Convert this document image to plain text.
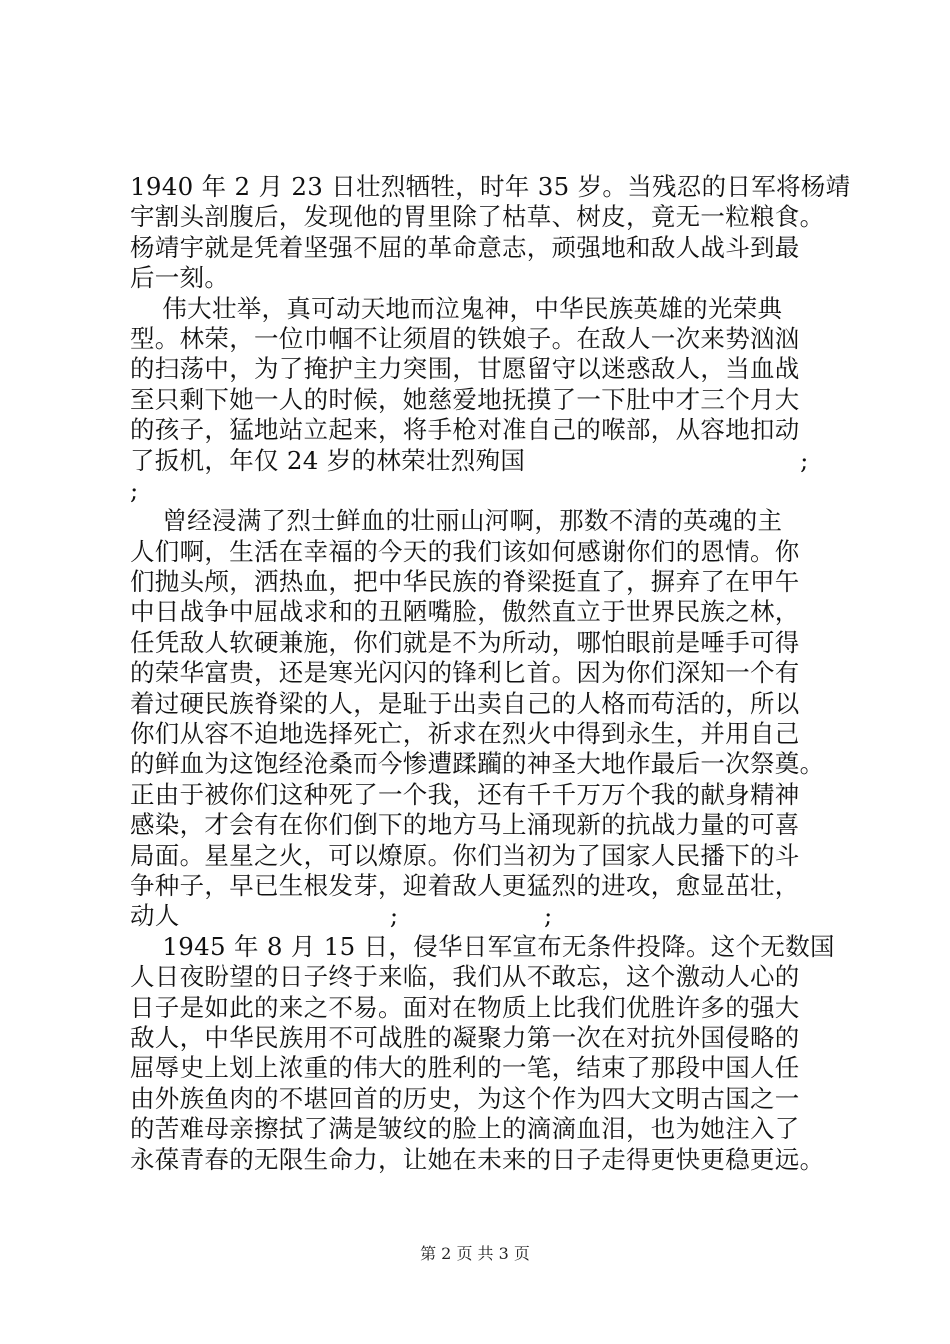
1940 年 2 月 23 日壮烈牺牲，时年 35 岁。当残忍的日军将杨靖
宇割头剖腹后，发现他的胃里除了枯草、树皮，竟无一粒粮食。
杨靖宇就是凭着坚强不屈的革命意志，顽强地和敌人战斗到最
后一刻。
伟大壮举，真可动天地而泣鬼神，中华民族英雄的光荣典
型。林荣，一位巾帼不让须眉的铁娘子。在敌人一次来势汹汹
的扫荡中，为了掩护主力突围，甘愿留守以迷惑敌人，当血战
至只剩下她一人的时候，她慈爱地抚摸了一下肚中才三个月大
的孩子，猛地站立起来，将手枪对准自己的喉部，从容地扣动
了扳机，年仅 24 岁的林荣壮烈殉国                                  ;
;
曾经浸满了烈士鲜血的壮丽山河啊，那数不清的英魂的主
人们啊，生活在幸福的今天的我们该如何感谢你们的恩情。你
们抛头颅，洒热血，把中华民族的脊梁挺直了，摒弃了在甲午
中日战争中屈战求和的丑陋嘴脸，傲然直立于世界民族之林，
任凭敌人软硬兼施，你们就是不为所动，哪怕眼前是唾手可得
的荣华富贵，还是寒光闪闪的锋利匕首。因为你们深知一个有
着过硬民族脊梁的人，是耻于出卖自己的人格而苟活的，所以
你们从容不迫地选择死亡，祈求在烈火中得到永生，并用自己
的鲜血为这饱经沧桑而今惨遭蹂躏的神圣大地作最后一次祭奠。
正由于被你们这种死了一个我，还有千千万万个我的献身精神
感染，才会有在你们倒下的地方马上涌现新的抗战力量的可喜
局面。星星之火，可以燎原。你们当初为了国家人民播下的斗
争种子，早已生根发芽，迎着敌人更猛烈的进攻，愈显茁壮，
动人                          ;                  ;
1945 年 8 月 15 日，侵华日军宣布无条件投降。这个无数国
人日夜盼望的日子终于来临，我们从不敢忘，这个激动人心的
日子是如此的来之不易。面对在物质上比我们优胜许多的强大
敌人，中华民族用不可战胜的凝聚力第一次在对抗外国侵略的
屈辱史上划上浓重的伟大的胜利的一笔，结束了那段中国人任
由外族鱼肉的不堪回首的历史，为这个作为四大文明古国之一
的苦难母亲擦拭了满是皱纹的脸上的滴滴血泪，也为她注入了
永葆青春的无限生命力，让她在未来的日子走得更快更稳更远。
第 2 页 共 3 页
